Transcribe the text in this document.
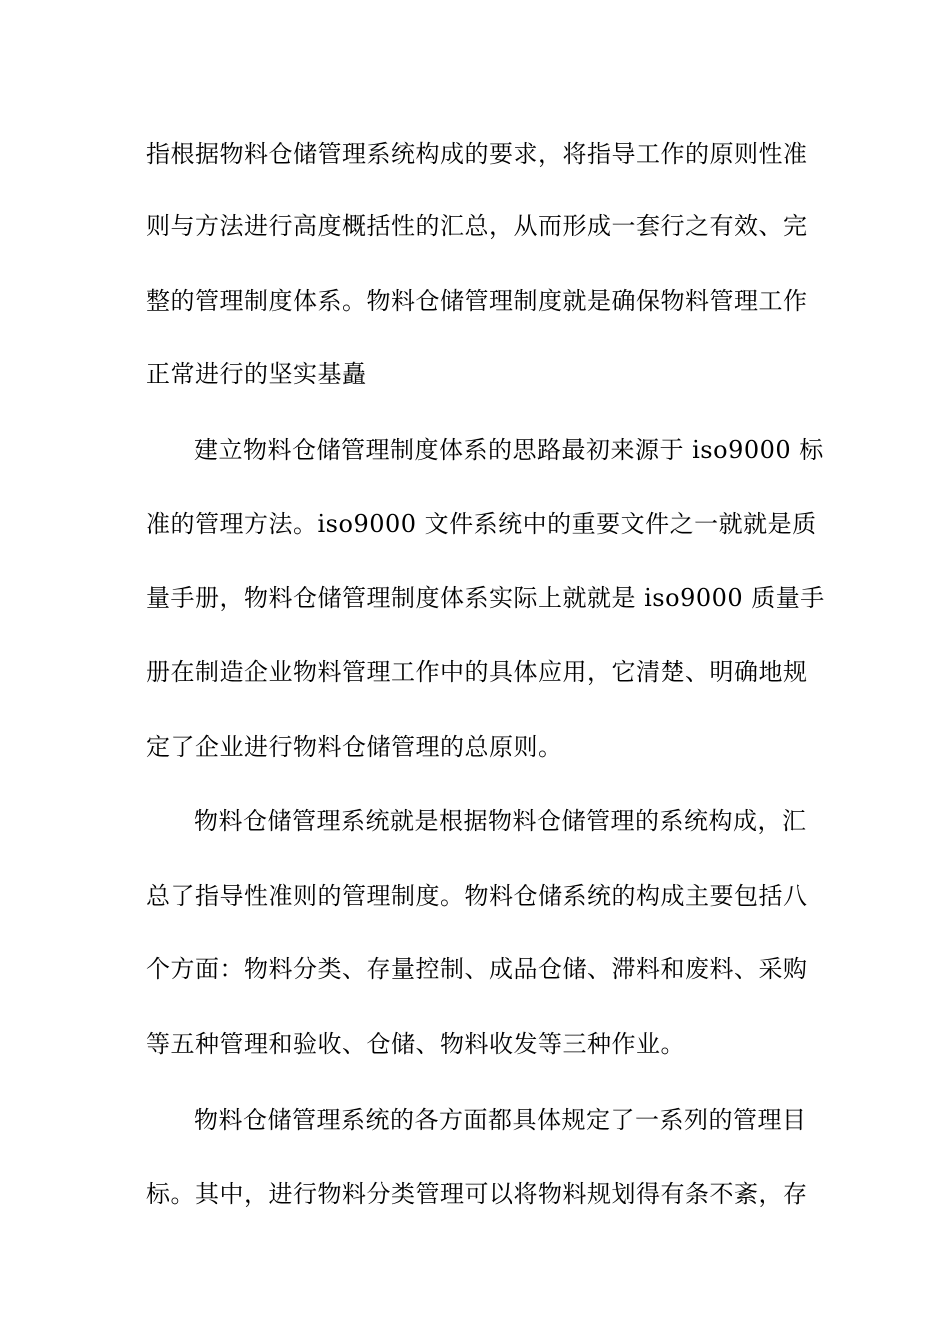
指根据物料仓储管理系统构成的要求，将指导工作的原则性准
则与方法进行高度概括性的汇总，从而形成一套行之有效、完
整的管理制度体系。物料仓储管理制度就是确保物料管理工作
正常进行的坚实基矗
建立物料仓储管理制度体系的思路最初来源于 iso9000 标
准的管理方法。iso9000 文件系统中的重要文件之一就就是质
量手册，物料仓储管理制度体系实际上就就是 iso9000 质量手
册在制造企业物料管理工作中的具体应用，它清楚、明确地规
定了企业进行物料仓储管理的总原则。
物料仓储管理系统就是根据物料仓储管理的系统构成，汇
总了指导性准则的管理制度。物料仓储系统的构成主要包括八
个方面：物料分类、存量控制、成品仓储、滞料和废料、采购
等五种管理和验收、仓储、物料收发等三种作业。
物料仓储管理系统的各方面都具体规定了一系列的管理目
标。其中，进行物料分类管理可以将物料规划得有条不紊，存
